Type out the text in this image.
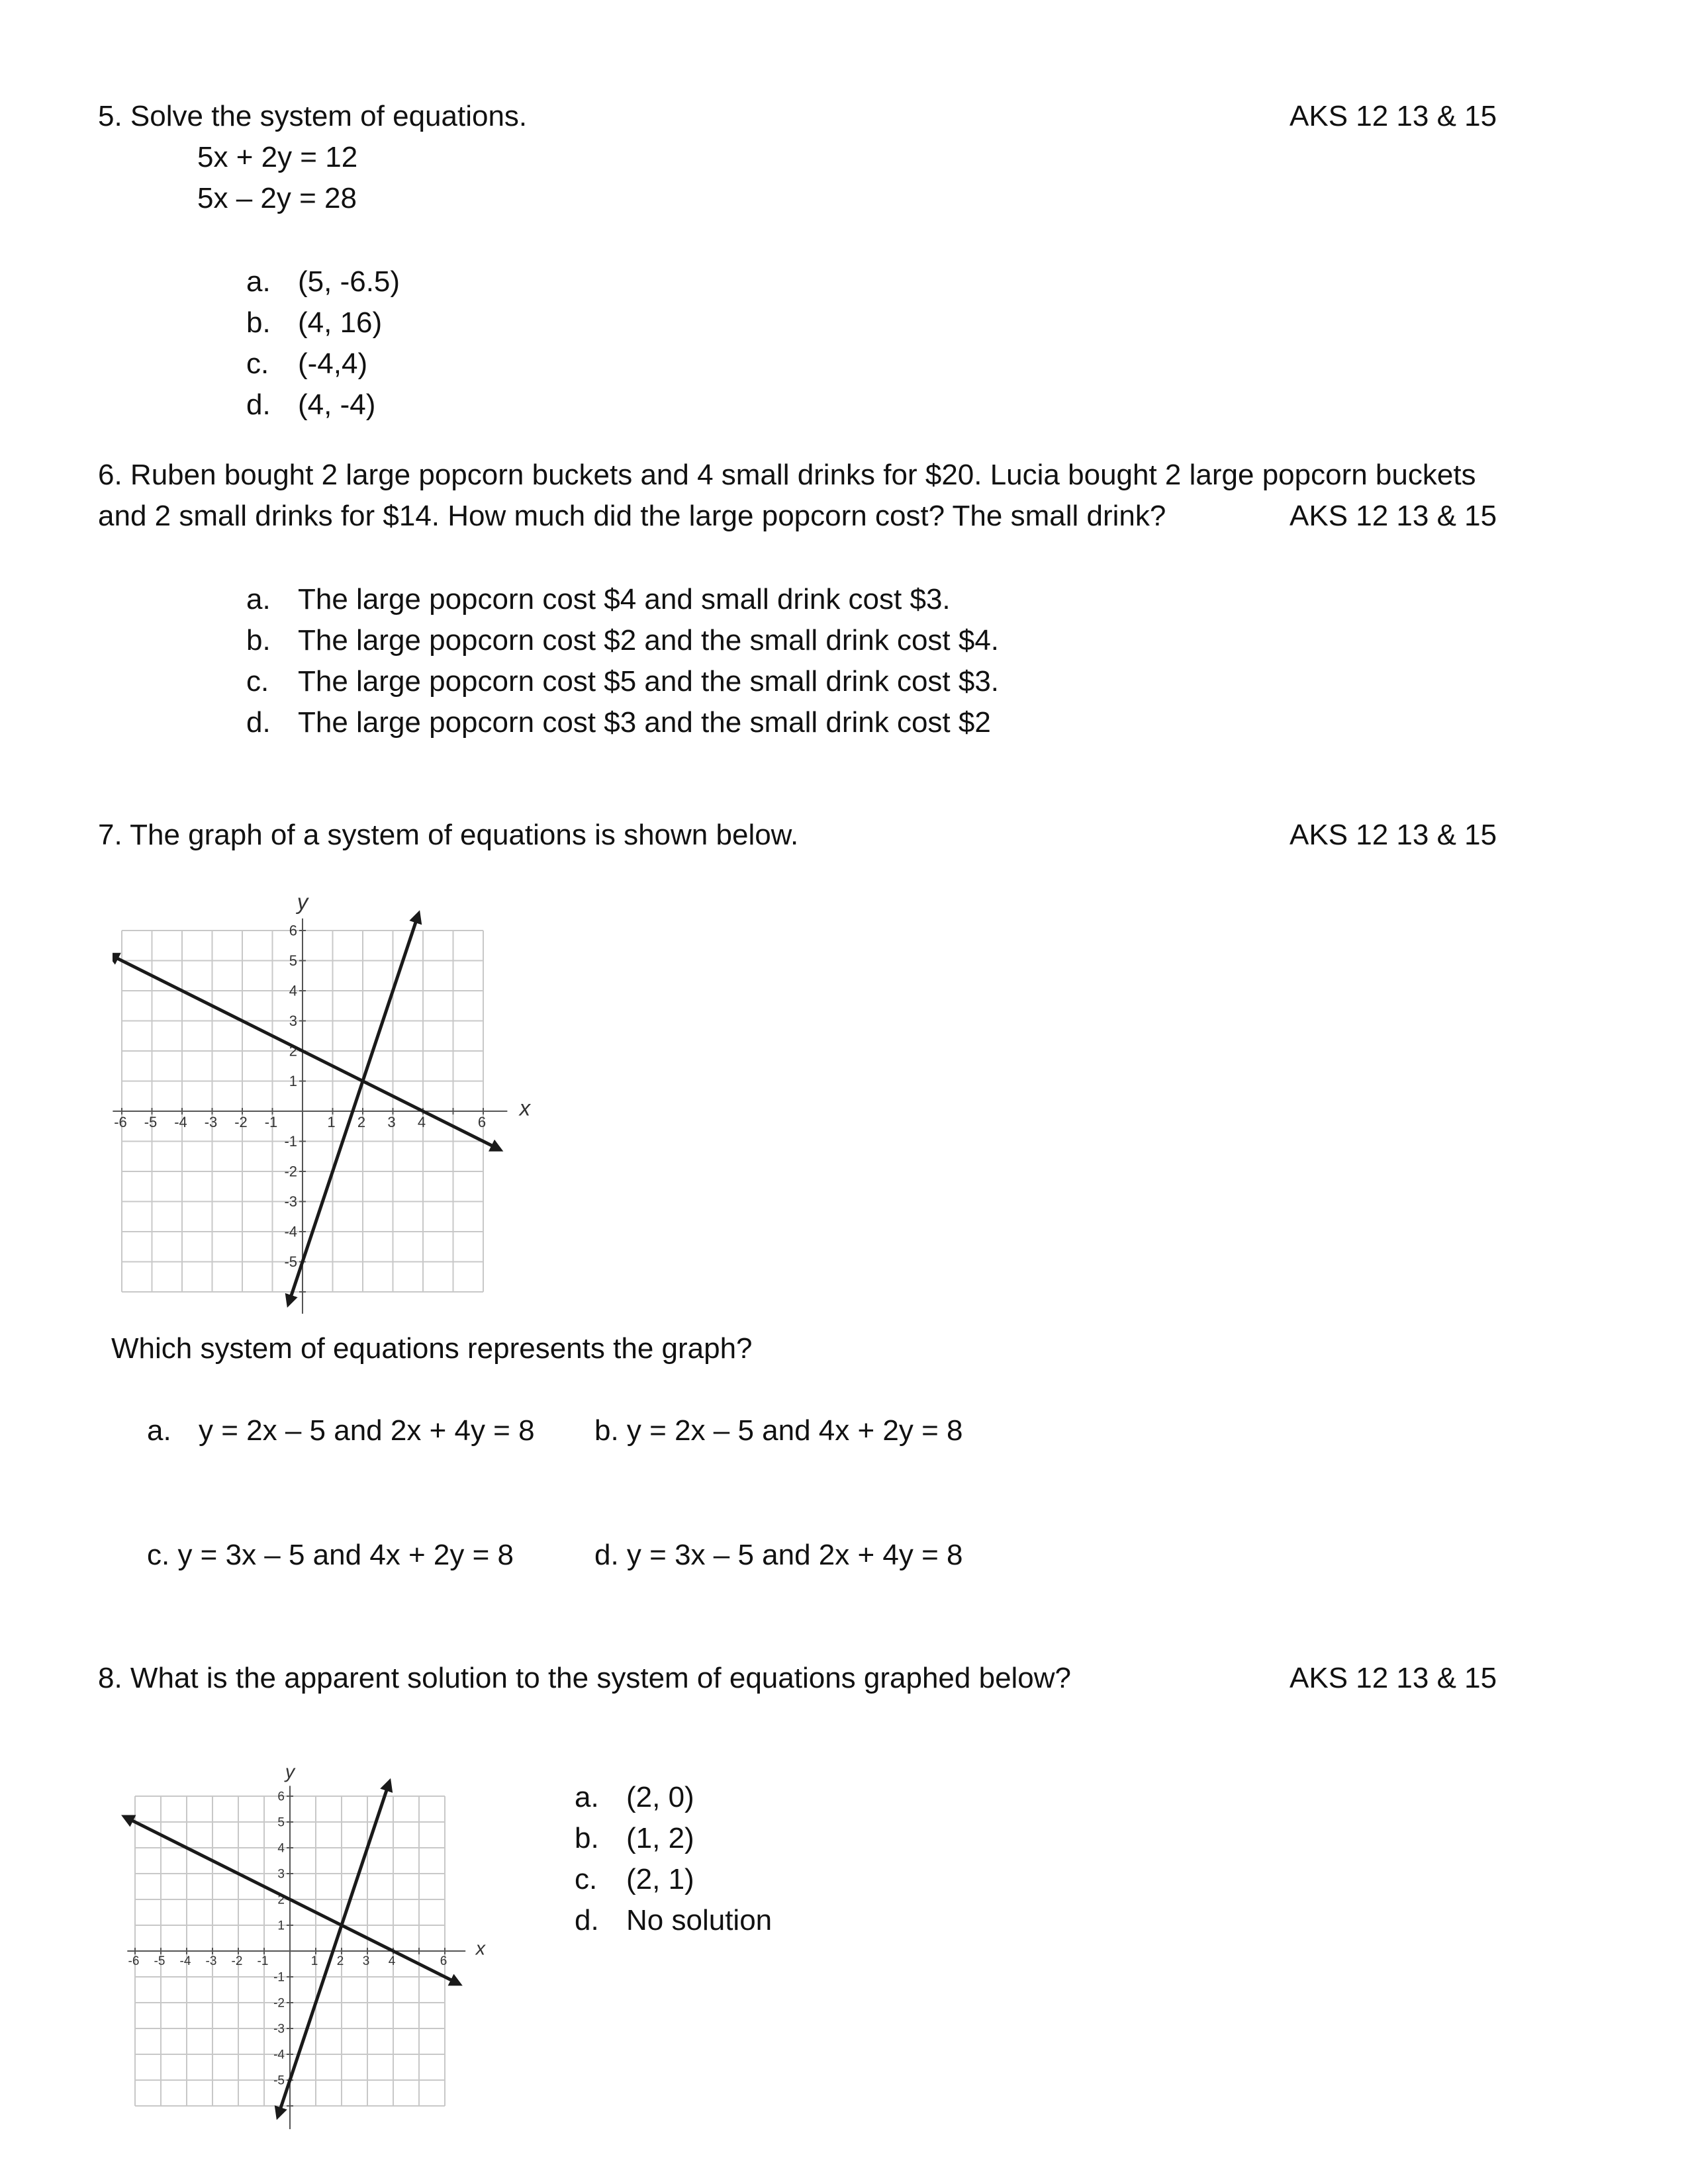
5. Solve the system of equations.	AKS 12 13 & 15
5x + 2y = 12
5x – 2y = 28
a. (5, -6.5)
b. (4, 16)
c. (-4,4)
d. (4, -4)
6. Ruben bought 2 large popcorn buckets and 4 small drinks for $20. Lucia bought 2 large popcorn buckets
and 2 small drinks for $14. How much did the large popcorn cost? The small drink?	AKS 12 13 & 15
a. The large popcorn cost $4 and small drink cost $3.
b. The large popcorn cost $2 and the small drink cost $4.
c. The large popcorn cost $5 and the small drink cost $3.
d. The large popcorn cost $3 and the small drink cost $2
7. The graph of a system of equations is shown below.	AKS 12 13 & 15
-6 -5 -4 -3 -2 -1	1 2 3 4	6
6
5
4
3
2
1
-1
-2
-3
-4
-5
x
y
Which system of equations represents the graph?
a. y = 2x – 5 and 2x + 4y = 8 b. y = 2x – 5 and 4x + 2y = 8
c. y = 3x – 5 and 4x + 2y = 8	d. y = 3x – 5 and 2x + 4y = 8
8. What is the apparent solution to the system of equations graphed below?	AKS 12 13 & 15
-6 -5 -4 -3 -2 -1	1 2 3 4	6
6
5
4
3
2
1
-1
-2
-3
-4
-5
x
y
a. (2, 0)
b. (1, 2)
c. (2, 1)
d. No solution
